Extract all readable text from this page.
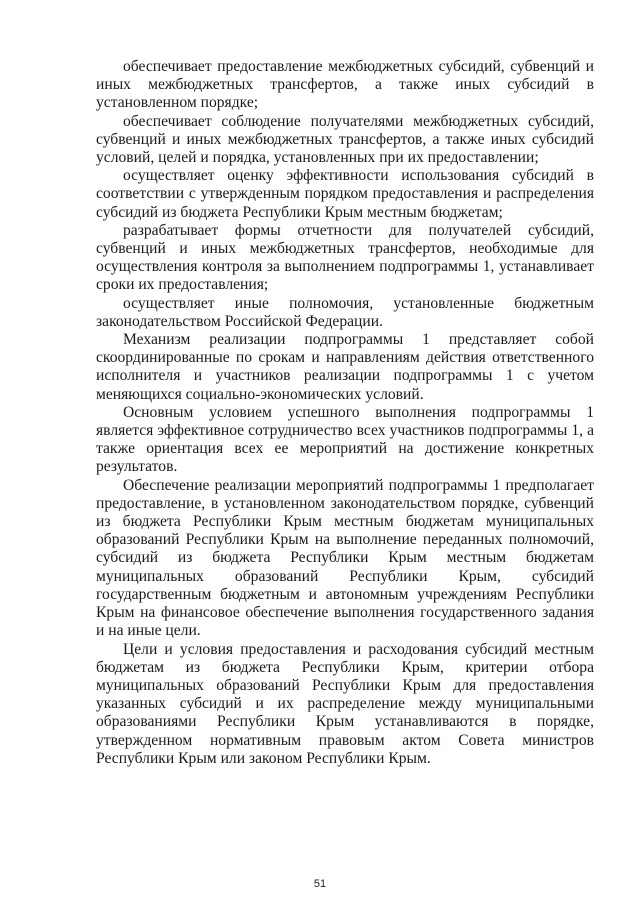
обеспечивает предоставление межбюджетных субсидий, субвенций и иных межбюджетных трансфертов, а также иных субсидий в установленном порядке;

обеспечивает соблюдение получателями межбюджетных субсидий, субвенций и иных межбюджетных трансфертов, а также иных субсидий условий, целей и порядка, установленных при их предоставлении;

осуществляет оценку эффективности использования субсидий в соответствии с утвержденным порядком предоставления и распределения субсидий из бюджета Республики Крым местным бюджетам;

разрабатывает формы отчетности для получателей субсидий, субвенций и иных межбюджетных трансфертов, необходимые для осуществления контроля за выполнением подпрограммы 1, устанавливает сроки их предоставления;

осуществляет иные полномочия, установленные бюджетным законодательством Российской Федерации.

Механизм реализации подпрограммы 1 представляет собой скоординированные по срокам и направлениям действия ответственного исполнителя и участников реализации подпрограммы 1 с учетом меняющихся социально-экономических условий.

Основным условием успешного выполнения подпрограммы 1 является эффективное сотрудничество всех участников подпрограммы 1, а также ориентация всех ее мероприятий на достижение конкретных результатов.

Обеспечение реализации мероприятий подпрограммы 1 предполагает предоставление, в установленном законодательством порядке, субвенций из бюджета Республики Крым местным бюджетам муниципальных образований Республики Крым на выполнение переданных полномочий, субсидий из бюджета Республики Крым местным бюджетам муниципальных образований Республики Крым, субсидий государственным бюджетным и автономным учреждениям Республики Крым на финансовое обеспечение выполнения государственного задания и на иные цели.

Цели и условия предоставления и расходования субсидий местным бюджетам из бюджета Республики Крым, критерии отбора муниципальных образований Республики Крым для предоставления указанных субсидий и их распределение между муниципальными образованиями Республики Крым устанавливаются в порядке, утвержденном нормативным правовым актом Совета министров Республики Крым или законом Республики Крым.

51
